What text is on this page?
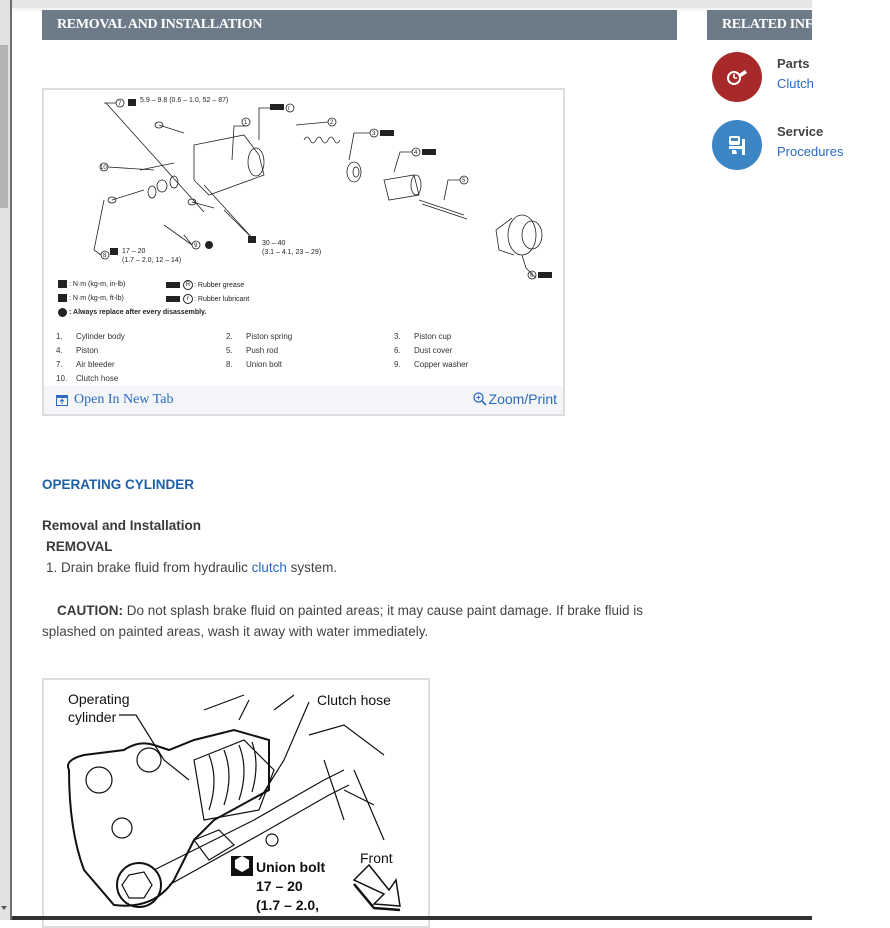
REMOVAL AND INSTALLATION	RELATED INFORMATION
Parts
Clutch
Service
Procedures
7
1	2
3
4
5
10
8
9
6
r
5.9 – 9.8 (0.6 – 1.0, 52 – 87)
17 – 20
(1.7 – 2.0, 12 – 14)
30 – 40
(3.1 – 4.1, 23 – 29)
: N·m (kg-m, in-lb)	R : Rubber grease
: N·m (kg-m, ft-lb)	r : Rubber lubricant
: Always replace after every disassembly.
1. Cylinder body	2. Piston spring	3. Piston cup
4. Piston	5. Push rod	6. Dust cover
7. Air bleeder	8. Union bolt	9. Copper washer
10. Clutch hose
Open In New Tab	Zoom/Print
OPERATING CYLINDER
Removal and Installation
REMOVAL
1. Drain brake fluid from hydraulic clutch system.
CAUTION: Do not splash brake fluid on painted areas; it may cause paint damage. If brake fluid is splashed on painted areas, wash it away with water immediately.
Operating
cylinder
Clutch hose
Union bolt
17 – 20
(1.7 – 2.0,
Front
